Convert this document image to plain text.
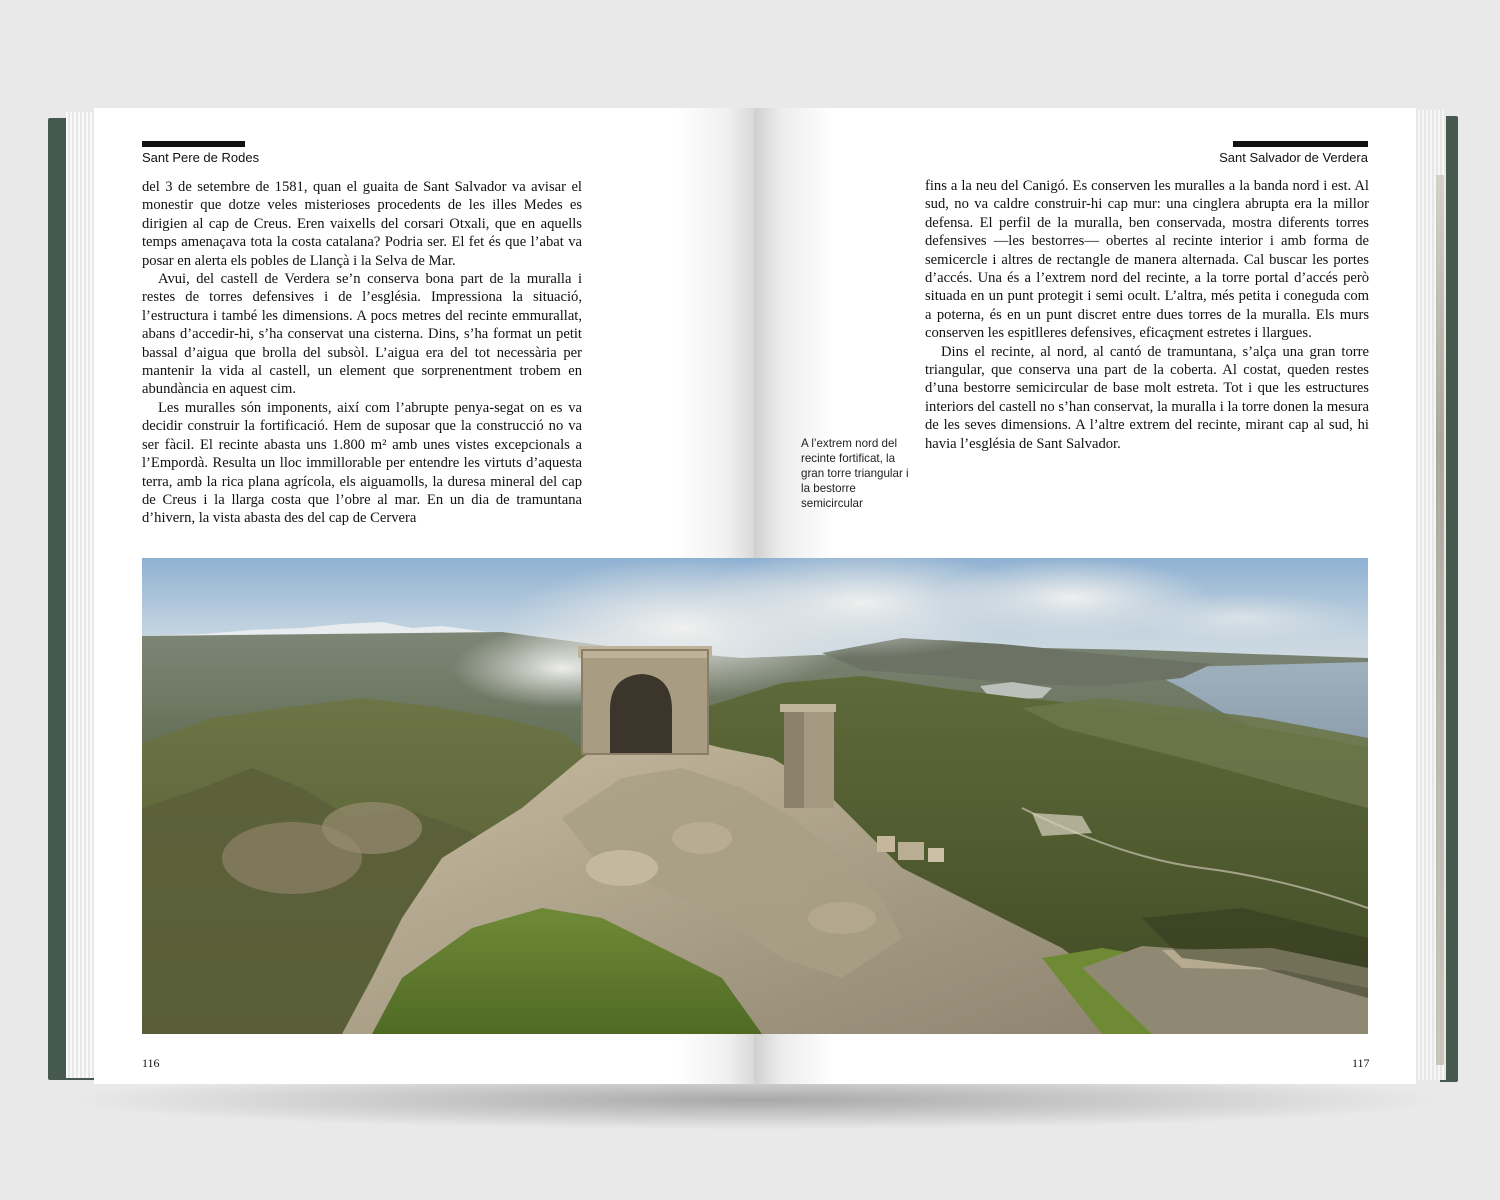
Sant Pere de Rodes	Sant Salvador de Verdera

del 3 de setembre de 1581, quan el guaita de Sant Salvador va avisar el monestir que dotze veles misterioses procedents de les illes Medes es dirigien al cap de Creus. Eren vaixells del corsari Otxali, que en aquells temps amenaçava tota la costa catalana? Podria ser. El fet és que l’abat va posar en alerta els pobles de Llançà i la Selva de Mar.

Avui, del castell de Verdera se’n conserva bona part de la muralla i restes de torres defensives i de l’església. Impressiona la situació, l’estructura i també les dimensions. A pocs metres del recinte emmurallat, abans d’accedir-hi, s’ha conservat una cisterna. Dins, s’ha format un petit bassal d’aigua que brolla del subsòl. L’aigua era del tot necessària per mantenir la vida al castell, un element que sorprenentment trobem en abundància en aquest cim.

Les muralles són imponents, així com l’abrupte penya-segat on es va decidir construir la fortificació. Hem de suposar que la construcció no va ser fàcil. El recinte abasta uns 1.800 m² amb unes vistes excepcionals a l’Empordà. Resulta un lloc immillorable per entendre les virtuts d’aquesta terra, amb la rica plana agrícola, els aiguamolls, la duresa mineral del cap de Creus i la llarga costa que l’obre al mar. En un dia de tramuntana d’hivern, la vista abasta des del cap de Cervera

A l’extrem nord del recinte fortificat, la gran torre triangular i la bestorre semicircular

fins a la neu del Canigó. Es conserven les muralles a la banda nord i est. Al sud, no va caldre construir-hi cap mur: una cinglera abrupta era la millor defensa. El perfil de la muralla, ben conservada, mostra diferents torres defensives —les bestorres— obertes al recinte interior i amb forma de semicercle i altres de rectangle de manera alternada. Cal buscar les portes d’accés. Una és a l’extrem nord del recinte, a la torre portal d’accés però situada en un punt protegit i semi ocult. L’altra, més petita i coneguda com a poterna, és en un punt discret entre dues torres de la muralla. Els murs conserven les espitlleres defensives, eficaçment estretes i llargues.

Dins el recinte, al nord, al cantó de tramuntana, s’alça una gran torre triangular, que conserva una part de la coberta. Al costat, queden restes d’una bestorre semicircular de base molt estreta. Tot i que les estructures interiors del castell no s’han conservat, la muralla i la torre donen la mesura de les seves dimensions. A l’altre extrem del recinte, mirant cap al sud, hi havia l’església de Sant Salvador.

116	117
